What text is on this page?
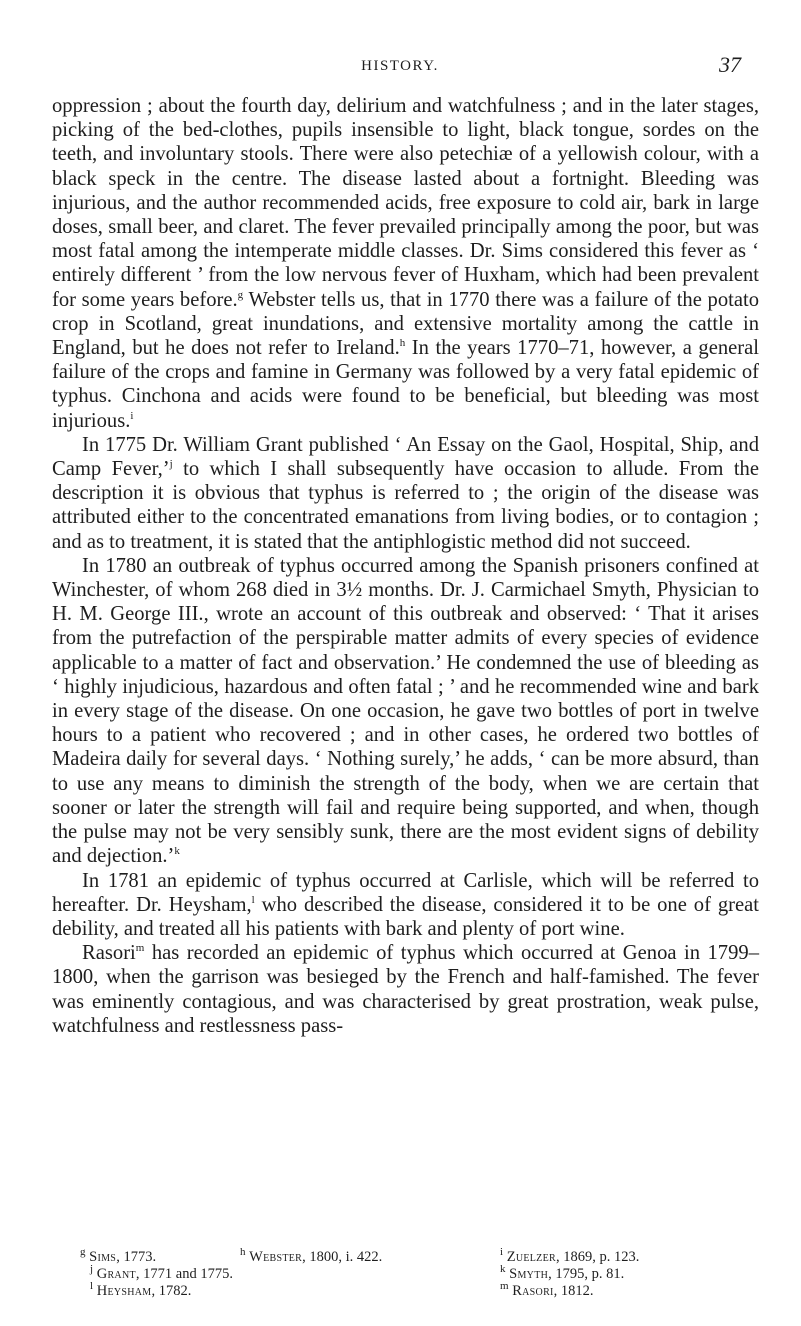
HISTORY.	37

oppression ; about the fourth day, delirium and watchfulness ; and in the later stages, picking of the bed-clothes, pupils insensible to light, black tongue, sordes on the teeth, and involuntary stools. There were also petechiæ of a yellowish colour, with a black speck in the centre. The disease lasted about a fortnight. Bleeding was injurious, and the author recommended acids, free exposure to cold air, bark in large doses, small beer, and claret. The fever prevailed principally among the poor, but was most fatal among the intemperate middle classes. Dr. Sims considered this fever as ‘ entirely different ’ from the low nervous fever of Huxham, which had been prevalent for some years before.$^g$ Webster tells us, that in 1770 there was a failure of the potato crop in Scotland, great inundations, and extensive mortality among the cattle in England, but he does not refer to Ireland.$^h$ In the years 1770–71, however, a general failure of the crops and famine in Germany was followed by a very fatal epidemic of typhus. Cinchona and acids were found to be beneficial, but bleeding was most injurious.$^i$

In 1775 Dr. William Grant published ‘ An Essay on the Gaol, Hospital, Ship, and Camp Fever,’$^j$ to which I shall subsequently have occasion to allude. From the description it is obvious that typhus is referred to ; the origin of the disease was attributed either to the concentrated emanations from living bodies, or to contagion ; and as to treatment, it is stated that the antiphlogistic method did not succeed.

In 1780 an outbreak of typhus occurred among the Spanish prisoners confined at Winchester, of whom 268 died in 3½ months. Dr. J. Carmichael Smyth, Physician to H. M. George III., wrote an account of this outbreak and observed: ‘ That it arises from the putrefaction of the perspirable matter admits of every species of evidence applicable to a matter of fact and observation.’ He condemned the use of bleeding as ‘ highly injudicious, hazardous and often fatal ; ’ and he recommended wine and bark in every stage of the disease. On one occasion, he gave two bottles of port in twelve hours to a patient who recovered ; and in other cases, he ordered two bottles of Madeira daily for several days. ‘ Nothing surely,’ he adds, ‘ can be more absurd, than to use any means to diminish the strength of the body, when we are certain that sooner or later the strength will fail and require being supported, and when, though the pulse may not be very sensibly sunk, there are the most evident signs of debility and dejection.’$^k$

In 1781 an epidemic of typhus occurred at Carlisle, which will be referred to hereafter. Dr. Heysham,$^l$ who described the disease, considered it to be one of great debility, and treated all his patients with bark and plenty of port wine.

Rasori$^m$ has recorded an epidemic of typhus which occurred at Genoa in 1799–1800, when the garrison was besieged by the French and half-famished. The fever was eminently contagious, and was characterised by great prostration, weak pulse, watchfulness and restlessness pass-

$^g$ Sims, 1773.	$^h$ Webster, 1800, i. 422.	$^i$ Zuelzer, 1869, p. 123.
$^j$ Grant, 1771 and 1775.	$^k$ Smyth, 1795, p. 81.
$^l$ Heysham, 1782.	$^m$ Rasori, 1812.
